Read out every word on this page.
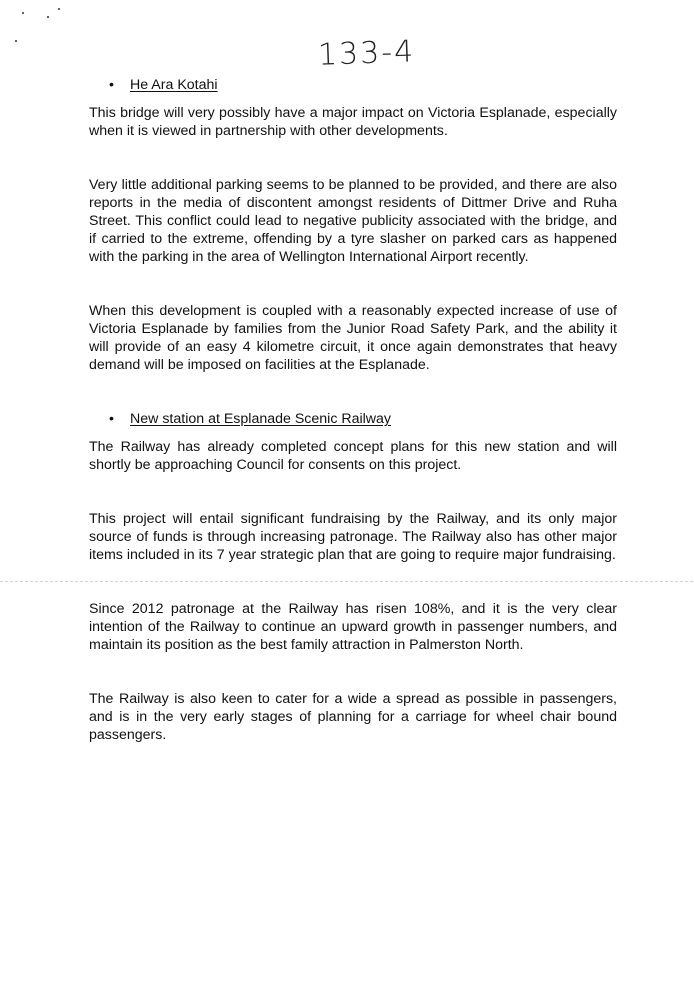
133-4
• He Ara Kotahi

This bridge will very possibly have a major impact on Victoria Esplanade, especially when it is viewed in partnership with other developments.

Very little additional parking seems to be planned to be provided, and there are also reports in the media of discontent amongst residents of Dittmer Drive and Ruha Street. This conflict could lead to negative publicity associated with the bridge, and if carried to the extreme, offending by a tyre slasher on parked cars as happened with the parking in the area of Wellington International Airport recently.

When this development is coupled with a reasonably expected increase of use of Victoria Esplanade by families from the Junior Road Safety Park, and the ability it will provide of an easy 4 kilometre circuit, it once again demonstrates that heavy demand will be imposed on facilities at the Esplanade.

• New station at Esplanade Scenic Railway

The Railway has already completed concept plans for this new station and will shortly be approaching Council for consents on this project.

This project will entail significant fundraising by the Railway, and its only major source of funds is through increasing patronage. The Railway also has other major items included in its 7 year strategic plan that are going to require major fundraising.

Since 2012 patronage at the Railway has risen 108%, and it is the very clear intention of the Railway to continue an upward growth in passenger numbers, and maintain its position as the best family attraction in Palmerston North.

The Railway is also keen to cater for a wide a spread as possible in passengers, and is in the very early stages of planning for a carriage for wheel chair bound passengers.
